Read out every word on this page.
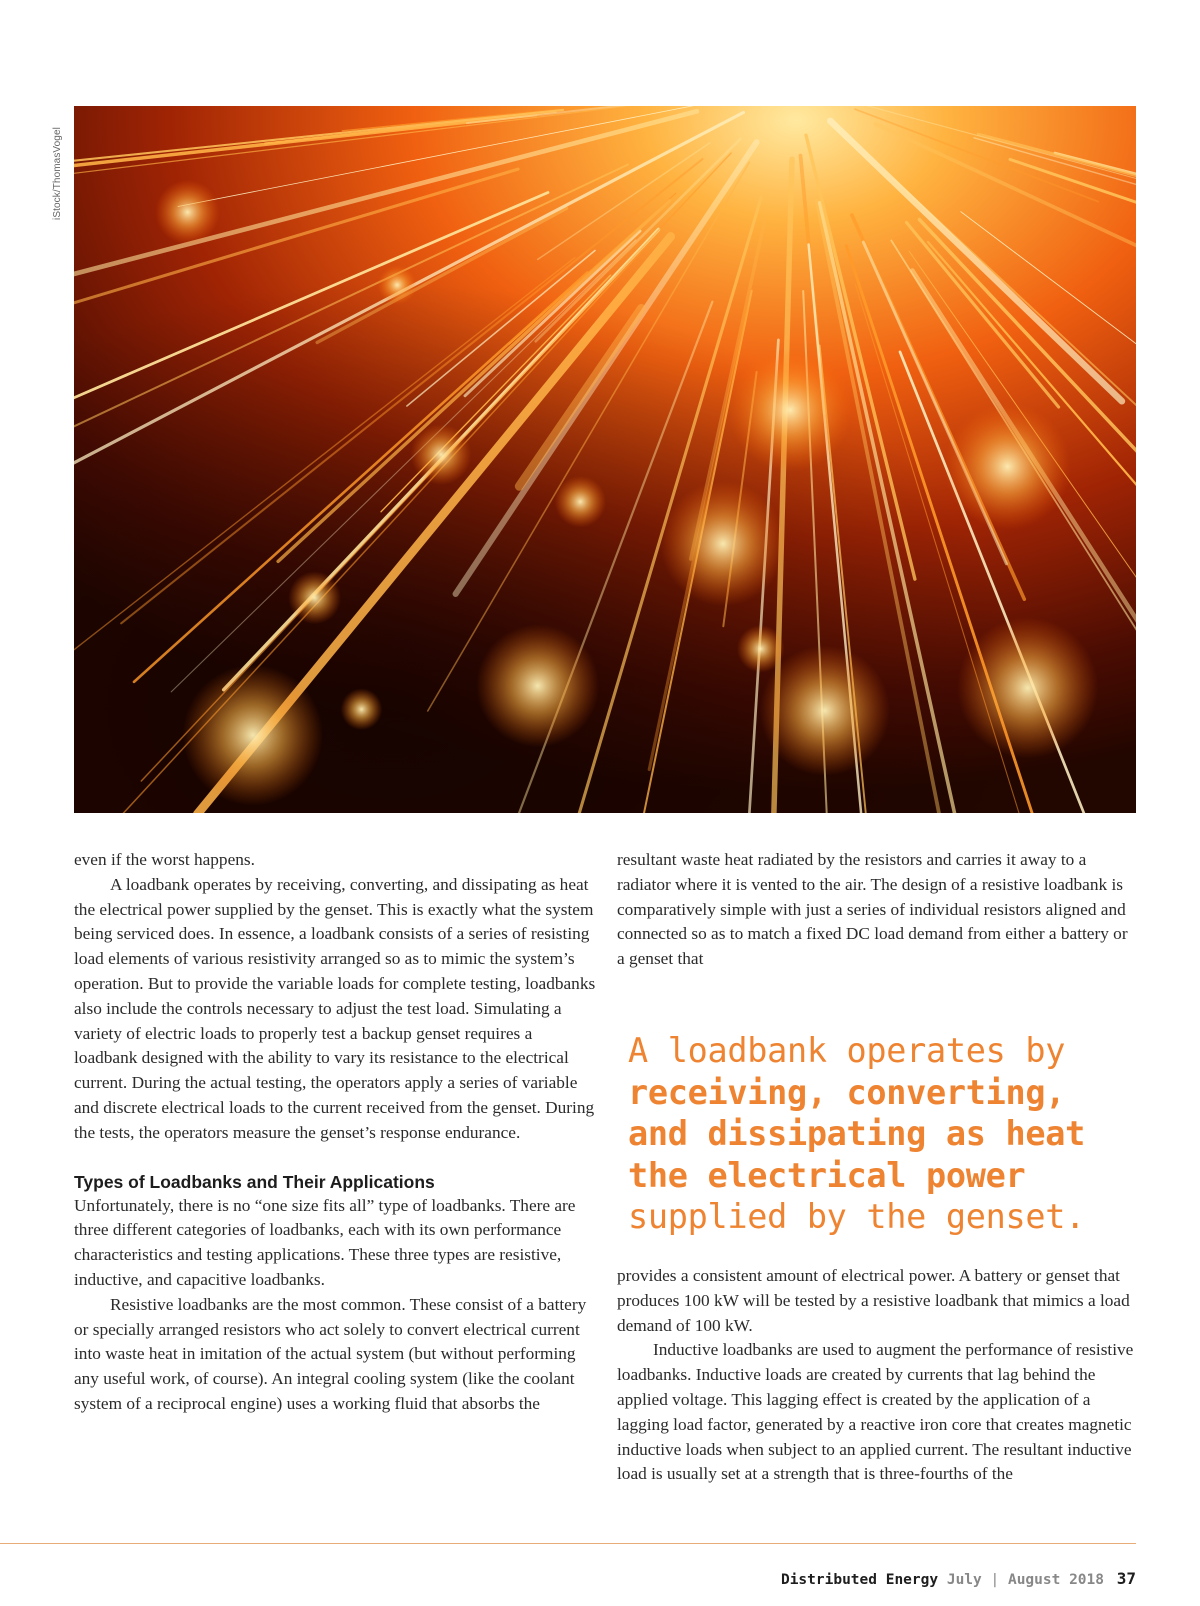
iStock/ThomasVogel

even if the worst happens.

A loadbank operates by receiving, converting, and dissipating as heat the electrical power supplied by the genset. This is exactly what the system being serviced does. In essence, a loadbank consists of a series of resisting load elements of various resistivity arranged so as to mimic the system’s operation. But to provide the variable loads for complete testing, loadbanks also include the controls necessary to adjust the test load. Simulating a variety of electric loads to properly test a backup genset requires a loadbank designed with the ability to vary its resistance to the electrical current. During the actual testing, the operators apply a series of variable and discrete electrical loads to the current received from the genset. During the tests, the operators measure the genset’s response endurance.

Types of Loadbanks and Their Applications

Unfortunately, there is no “one size fits all” type of loadbanks. There are three different categories of loadbanks, each with its own performance characteristics and testing applications. These three types are resistive, inductive, and capacitive loadbanks.

Resistive loadbanks are the most common. These consist of a battery or specially arranged resistors who act solely to convert electrical current into waste heat in imitation of the actual system (but without performing any useful work, of course). An integral cooling system (like the coolant system of a reciprocal engine) uses a working fluid that absorbs the

resultant waste heat radiated by the resistors and carries it away to a radiator where it is vented to the air. The design of a resistive loadbank is comparatively simple with just a series of individual resistors aligned and connected so as to match a fixed DC load demand from either a battery or a genset that

provides a consistent amount of electrical power. A battery or genset that produces 100 kW will be tested by a resistive loadbank that mimics a load demand of 100 kW.

Inductive loadbanks are used to augment the performance of resistive loadbanks. Inductive loads are created by currents that lag behind the applied voltage. This lagging effect is created by the application of a lagging load factor, generated by a reactive iron core that creates magnetic inductive loads when subject to an applied current. The resultant inductive load is usually set at a strength that is three-fourths of the

A loadbank operates by
receiving, converting,
and dissipating as heat
the electrical power
supplied by the genset.
Distributed Energy July | August 2018 37
